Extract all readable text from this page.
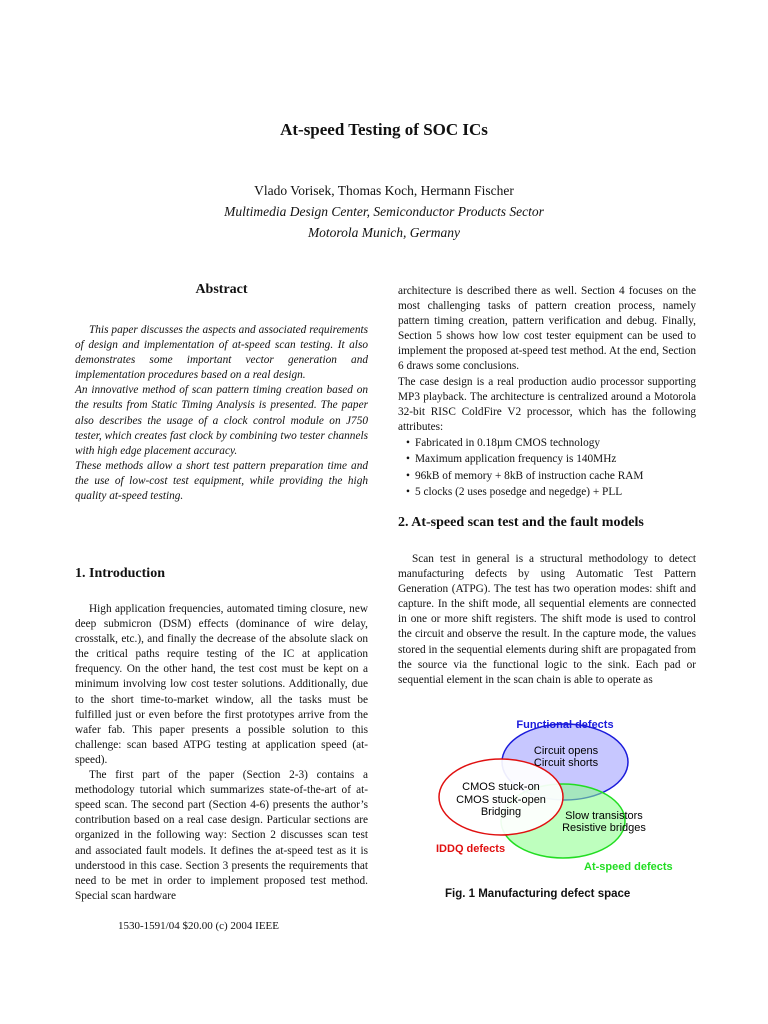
At-speed Testing of SOC ICs
Vlado Vorisek, Thomas Koch, Hermann Fischer
Multimedia Design Center, Semiconductor Products Sector
Motorola Munich, Germany
Abstract

This paper discusses the aspects and associated requirements of design and implementation of at-speed scan testing. It also demonstrates some important vector generation and implementation procedures based on a real design.

An innovative method of scan pattern timing creation based on the results from Static Timing Analysis is presented. The paper also describes the usage of a clock control module on J750 tester, which creates fast clock by combining two tester channels with high edge placement accuracy.

These methods allow a short test pattern preparation time and the use of low-cost test equipment, while providing the high quality at-speed testing.

1. Introduction

High application frequencies, automated timing closure, new deep submicron (DSM) effects (dominance of wire delay, crosstalk, etc.), and finally the decrease of the absolute slack on the critical paths require testing of the IC at application frequency. On the other hand, the test cost must be kept on a minimum involving low cost tester solutions. Additionally, due to the short time-to-market window, all the tasks must be fulfilled just or even before the first prototypes arrive from the wafer fab. This paper presents a possible solution to this challenge: scan based ATPG testing at application speed (at-speed).

The first part of the paper (Section 2-3) contains a methodology tutorial which summarizes state-of-the-art of at-speed scan. The second part (Section 4-6) presents the author’s contribution based on a real case design. Particular sections are organized in the following way: Section 2 discusses scan test and associated fault models. It defines the at-speed test as it is understood in this case. Section 3 presents the requirements that need to be met in order to implement proposed test method. Special scan hardware

architecture is described there as well. Section 4 focuses on the most challenging tasks of pattern creation process, namely pattern timing creation, pattern verification and debug. Finally, Section 5 shows how low cost tester equipment can be used to implement the proposed at-speed test method. At the end, Section 6 draws some conclusions.

The case design is a real production audio processor supporting MP3 playback. The architecture is centralized around a Motorola 32-bit RISC ColdFire V2 processor, which has the following attributes:

• Fabricated in 0.18µm CMOS technology
• Maximum application frequency is 140MHz
• 96kB of memory + 8kB of instruction cache RAM
• 5 clocks (2 uses posedge and negedge) + PLL
2. At-speed scan test and the fault models

Scan test in general is a structural methodology to detect manufacturing defects by using Automatic Test Pattern Generation (ATPG). The test has two operation modes: shift and capture. In the shift mode, all sequential elements are connected in one or more shift registers. The shift mode is used to control the circuit and observe the result. In the capture mode, the values stored in the sequential elements during shift are propagated from the source via the functional logic to the sink. Each pad or sequential element in the scan chain is able to operate as

Functional defects
Circuit opens
Circuit shorts
CMOS stuck-on
CMOS stuck-open
Bridging
IDDQ defects
Slow transistors
Resistive bridges
At-speed defects
Fig. 1 Manufacturing defect space
1530-1591/04 $20.00 (c) 2004 IEEE
